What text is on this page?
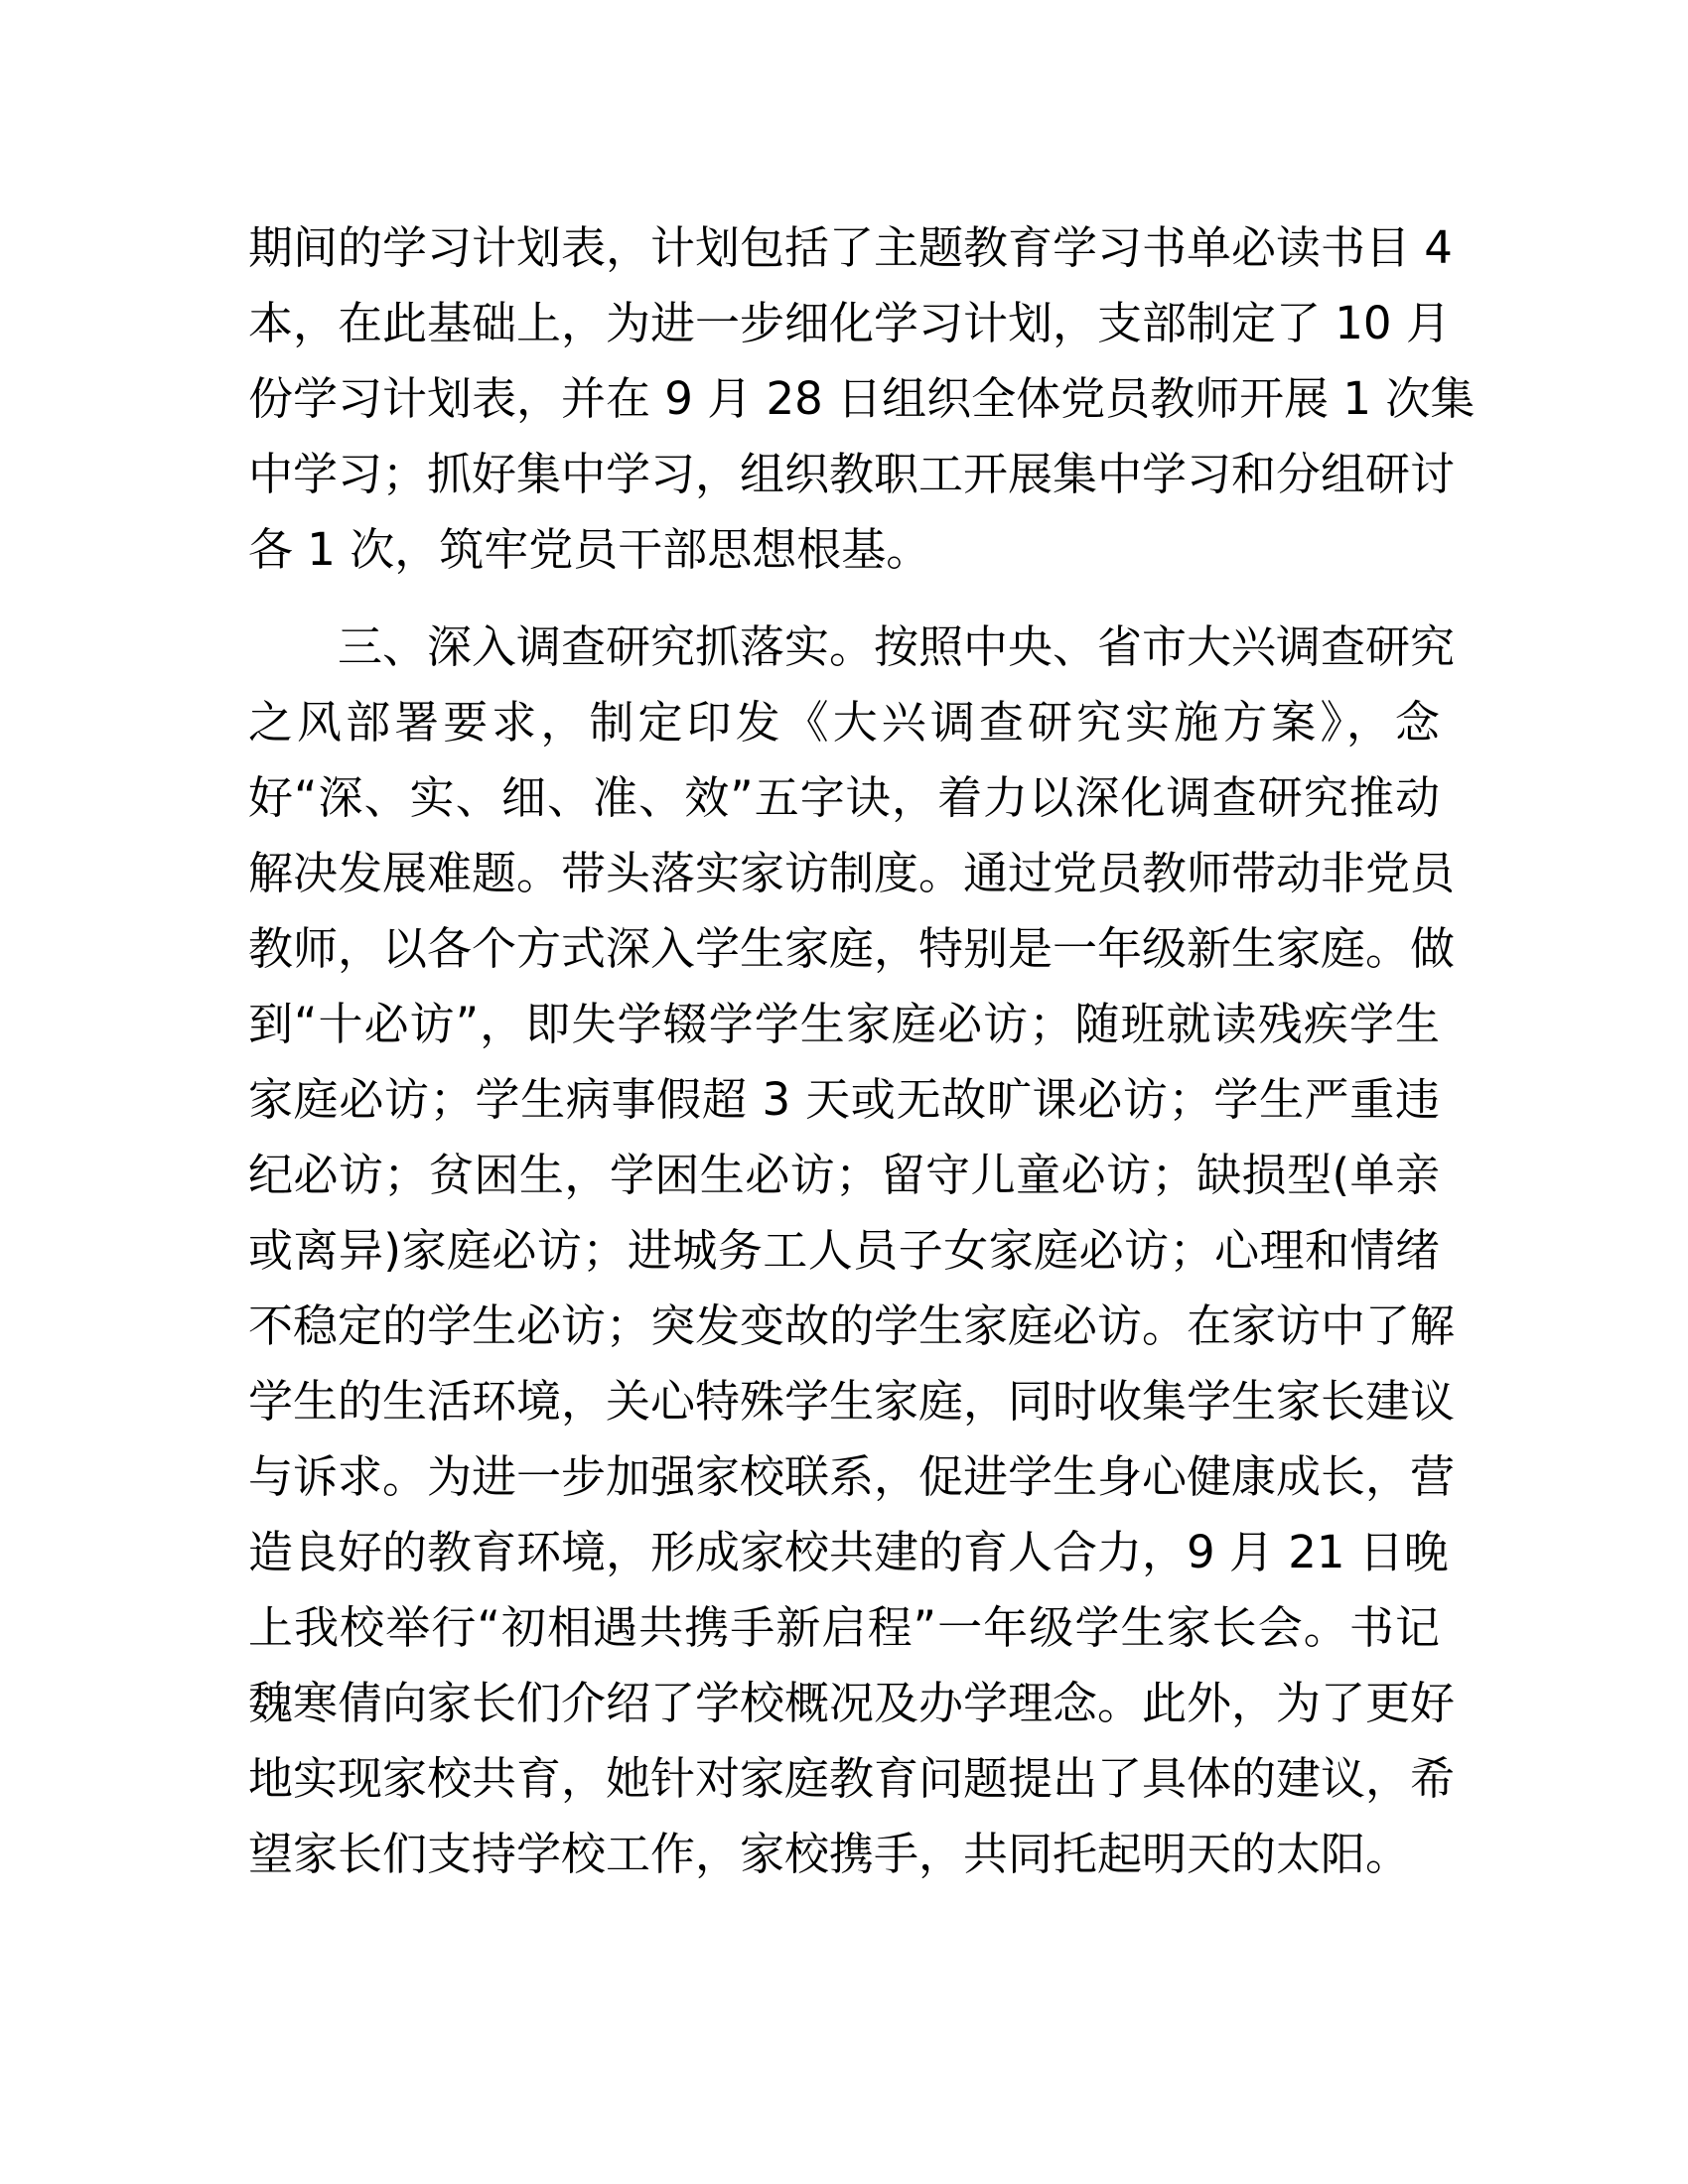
期间的学习计划表，计划包括了主题教育学习书单必读书目 4
本，在此基础上，为进一步细化学习计划，支部制定了 10 月
份学习计划表，并在 9 月 28 日组织全体党员教师开展 1 次集
中学习；抓好集中学习，组织教职工开展集中学习和分组研讨
各 1 次，筑牢党员干部思想根基。
　　三、深入调查研究抓落实。按照中央、省市大兴调查研究
之风部署要求，制定印发《大兴调查研究实施方案》，念
好“深、实、细、准、效”五字诀，着力以深化调查研究推动
解决发展难题。带头落实家访制度。通过党员教师带动非党员
教师，以各个方式深入学生家庭，特别是一年级新生家庭。做
到“十必访”，即失学辍学学生家庭必访；随班就读残疾学生
家庭必访；学生病事假超 3 天或无故旷课必访；学生严重违
纪必访；贫困生，学困生必访；留守儿童必访；缺损型(单亲
或离异)家庭必访；进城务工人员子女家庭必访；心理和情绪
不稳定的学生必访；突发变故的学生家庭必访。在家访中了解
学生的生活环境，关心特殊学生家庭，同时收集学生家长建议
与诉求。为进一步加强家校联系，促进学生身心健康成长，营
造良好的教育环境，形成家校共建的育人合力，9 月 21 日晚
上我校举行“初相遇共携手新启程”一年级学生家长会。书记
魏寒倩向家长们介绍了学校概况及办学理念。此外，为了更好
地实现家校共育，她针对家庭教育问题提出了具体的建议，希
望家长们支持学校工作，家校携手，共同托起明天的太阳。
